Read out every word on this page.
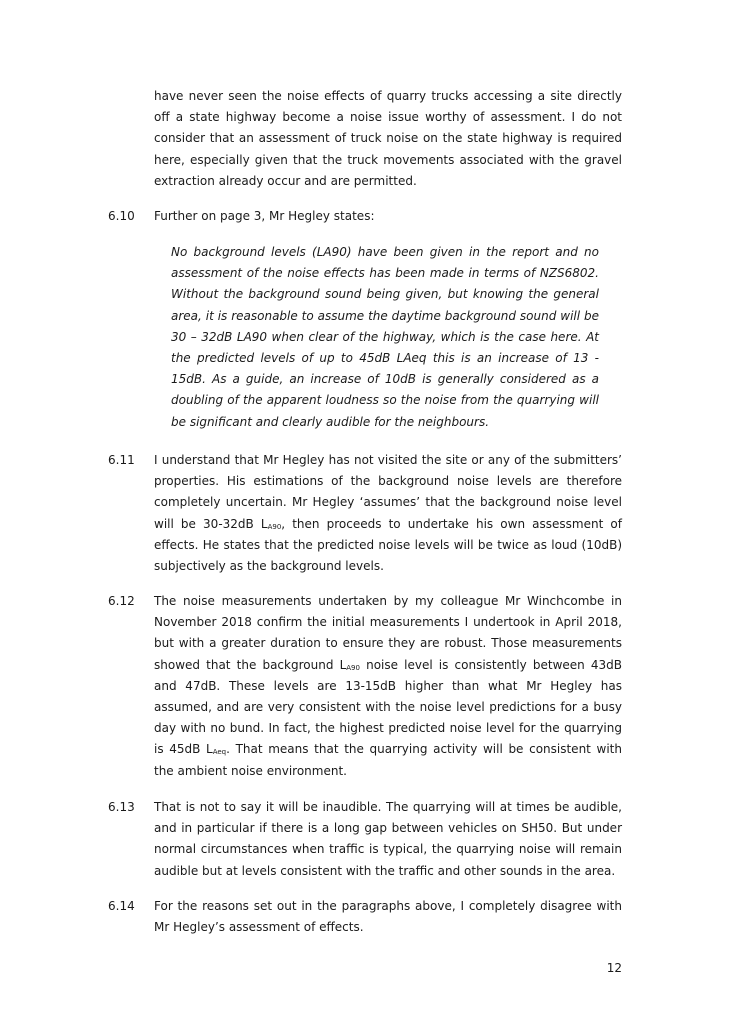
have never seen the noise effects of quarry trucks accessing a site directly off a state highway become a noise issue worthy of assessment. I do not consider that an assessment of truck noise on the state highway is required here, especially given that the truck movements associated with the gravel extraction already occur and are permitted.

6.10	Further on page 3, Mr Hegley states:

No background levels (LA90) have been given in the report and no assessment of the noise effects has been made in terms of NZS6802. Without the background sound being given, but knowing the general area, it is reasonable to assume the daytime background sound will be 30 – 32dB LA90 when clear of the highway, which is the case here. At the predicted levels of up to 45dB LAeq this is an increase of 13 - 15dB. As a guide, an increase of 10dB is generally considered as a doubling of the apparent loudness so the noise from the quarrying will be significant and clearly audible for the neighbours.

6.11	I understand that Mr Hegley has not visited the site or any of the submitters’ properties. His estimations of the background noise levels are therefore completely uncertain. Mr Hegley ‘assumes’ that the background noise level will be 30-32dB $L_{A90}$, then proceeds to undertake his own assessment of effects. He states that the predicted noise levels will be twice as loud (10dB) subjectively as the background levels.
6.12	The noise measurements undertaken by my colleague Mr Winchcombe in November 2018 confirm the initial measurements I undertook in April 2018, but with a greater duration to ensure they are robust. Those measurements showed that the background $L_{A90}$ noise level is consistently between 43dB and 47dB. These levels are 13-15dB higher than what Mr Hegley has assumed, and are very consistent with the noise level predictions for a busy day with no bund. In fact, the highest predicted noise level for the quarrying is 45dB $L_{Aeq}$. That means that the quarrying activity will be consistent with the ambient noise environment.
6.13	That is not to say it will be inaudible. The quarrying will at times be audible, and in particular if there is a long gap between vehicles on SH50. But under normal circumstances when traffic is typical, the quarrying noise will remain audible but at levels consistent with the traffic and other sounds in the area.
6.14	For the reasons set out in the paragraphs above, I completely disagree with Mr Hegley’s assessment of effects.
12
